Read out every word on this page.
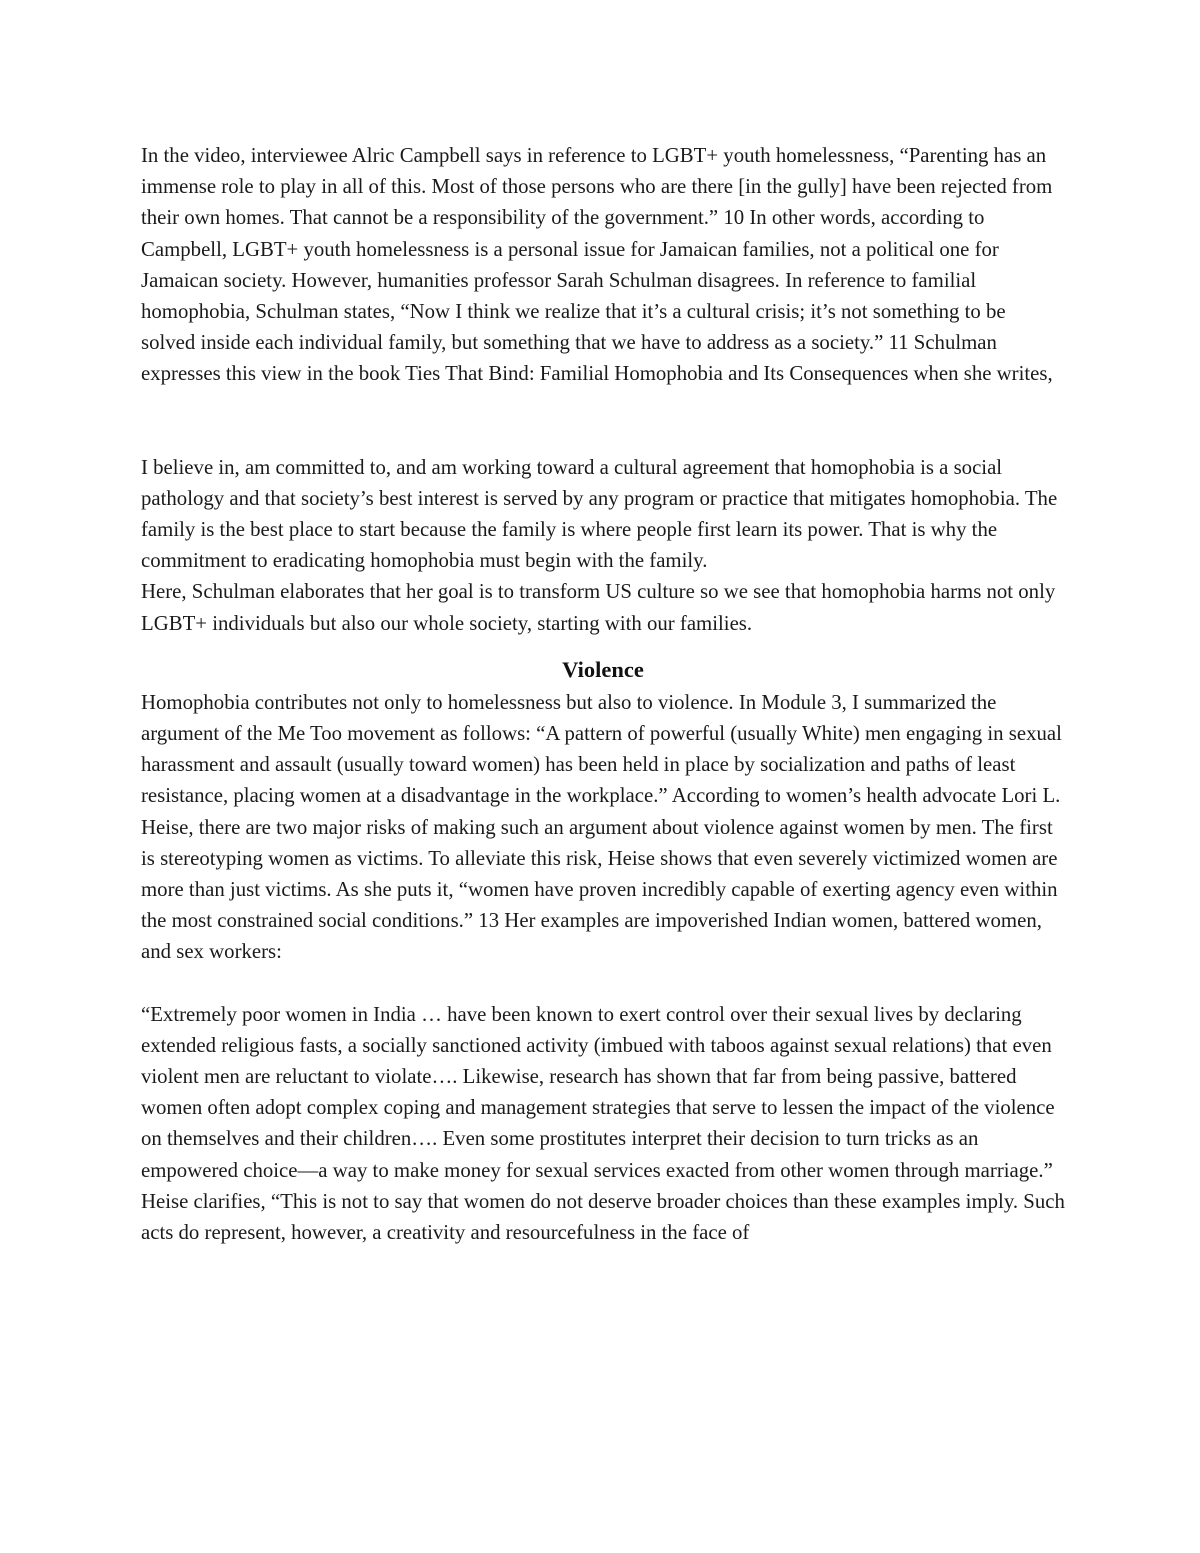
In the video, interviewee Alric Campbell says in reference to LGBT+ youth homelessness, “Parenting has an immense role to play in all of this. Most of those persons who are there [in the gully] have been rejected from their own homes. That cannot be a responsibility of the government.” 10 In other words, according to Campbell, LGBT+ youth homelessness is a personal issue for Jamaican families, not a political one for Jamaican society. However, humanities professor Sarah Schulman disagrees. In reference to familial homophobia, Schulman states, “Now I think we realize that it’s a cultural crisis; it’s not something to be solved inside each individual family, but something that we have to address as a society.” 11 Schulman expresses this view in the book Ties That Bind: Familial Homophobia and Its Consequences when she writes,

I believe in, am committed to, and am working toward a cultural agreement that homophobia is a social pathology and that society’s best interest is served by any program or practice that mitigates homophobia. The family is the best place to start because the family is where people first learn its power. That is why the commitment to eradicating homophobia must begin with the family.

Here, Schulman elaborates that her goal is to transform US culture so we see that homophobia harms not only LGBT+ individuals but also our whole society, starting with our families.

Violence

Homophobia contributes not only to homelessness but also to violence. In Module 3, I summarized the argument of the Me Too movement as follows: “A pattern of powerful (usually White) men engaging in sexual harassment and assault (usually toward women) has been held in place by socialization and paths of least resistance, placing women at a disadvantage in the workplace.” According to women’s health advocate Lori L. Heise, there are two major risks of making such an argument about violence against women by men. The first is stereotyping women as victims. To alleviate this risk, Heise shows that even severely victimized women are more than just victims. As she puts it, “women have proven incredibly capable of exerting agency even within the most constrained social conditions.” 13 Her examples are impoverished Indian women, battered women, and sex workers:

“Extremely poor women in India … have been known to exert control over their sexual lives by declaring extended religious fasts, a socially sanctioned activity (imbued with taboos against sexual relations) that even violent men are reluctant to violate…. Likewise, research has shown that far from being passive, battered women often adopt complex coping and management strategies that serve to lessen the impact of the violence on themselves and their children…. Even some prostitutes interpret their decision to turn tricks as an empowered choice—a way to make money for sexual services exacted from other women through marriage.”

Heise clarifies, “This is not to say that women do not deserve broader choices than these examples imply. Such acts do represent, however, a creativity and resourcefulness in the face of
